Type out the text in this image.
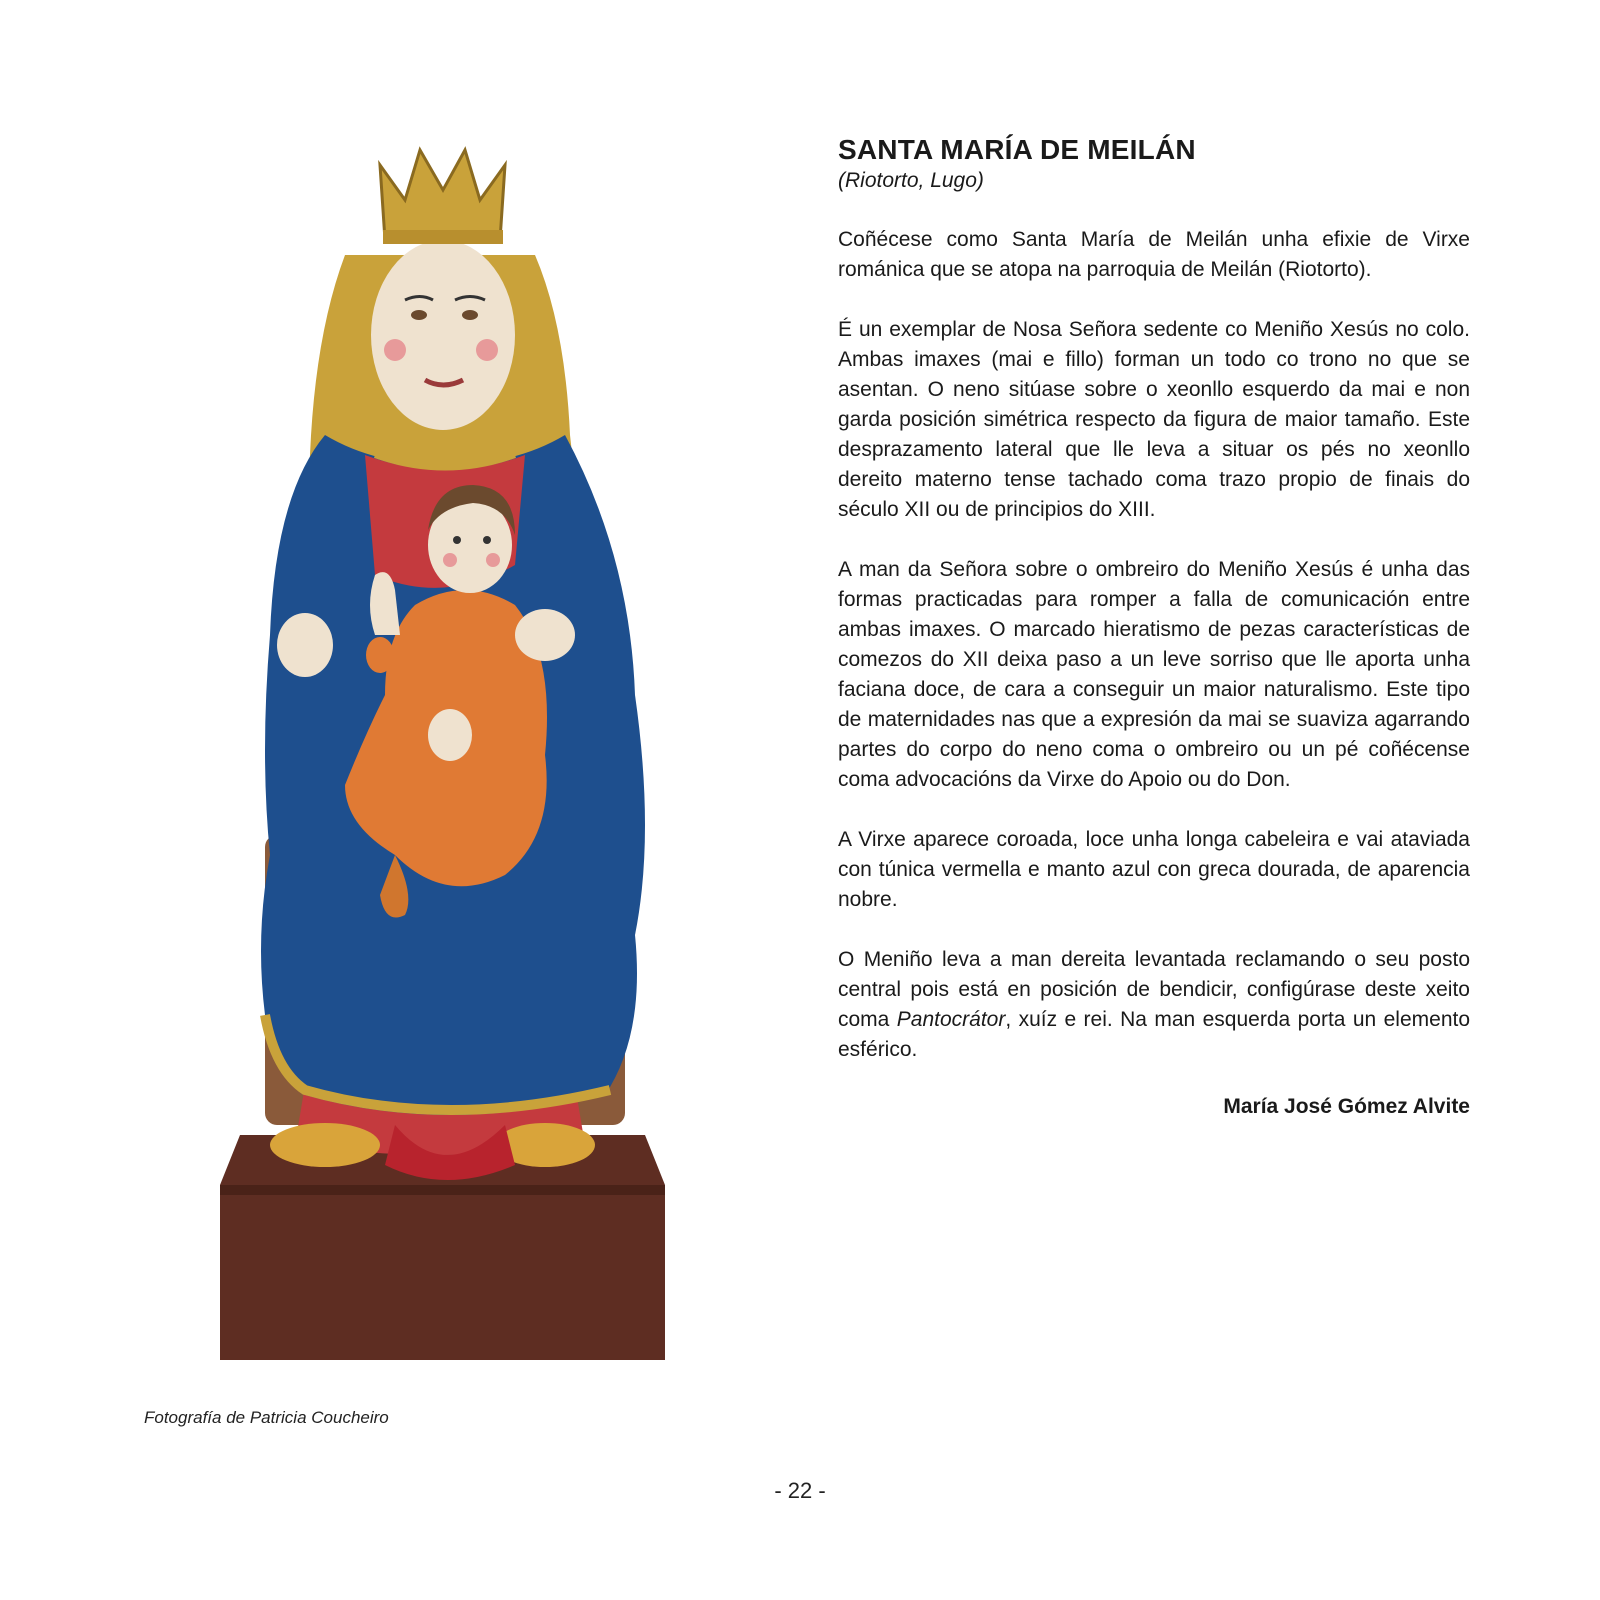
Fotografía de Patricia Coucheiro
SANTA MARÍA DE MEILÁN

(Riotorto, Lugo)

Coñécese como Santa María de Meilán unha efixie de Virxe románica que se atopa na parroquia de Meilán (Riotorto).

É un exemplar de Nosa Señora sedente co Meniño Xesús no colo. Ambas imaxes (mai e fillo) forman un todo co trono no que se asentan. O neno sitúase sobre o xeonllo esquerdo da mai e non garda posición simétrica respecto da figura de maior tamaño. Este desprazamento lateral que lle leva a situar os pés no xeonllo dereito materno tense tachado coma trazo propio de finais do século XII ou de principios do XIII.

A man da Señora sobre o ombreiro do Meniño Xesús é unha das formas practicadas para romper a falla de comunicación entre ambas imaxes. O marcado hieratismo de pezas características de comezos do XII deixa paso a un leve sorriso que lle aporta unha faciana doce, de cara a conseguir un maior naturalismo. Este tipo de maternidades nas que a expresión da mai se suaviza agarrando partes do corpo do neno coma o ombreiro ou un pé coñécense coma advocacións da Virxe do Apoio ou do Don.

A Virxe aparece coroada, loce unha longa cabeleira e vai ataviada con túnica vermella e manto azul con greca dourada, de aparencia nobre.

O Meniño leva a man dereita levantada reclamando o seu posto central pois está en posición de bendicir, configúrase deste xeito coma Pantocrátor, xuíz e rei. Na man esquerda porta un elemento esférico.

María José Gómez Alvite
- 22 -
